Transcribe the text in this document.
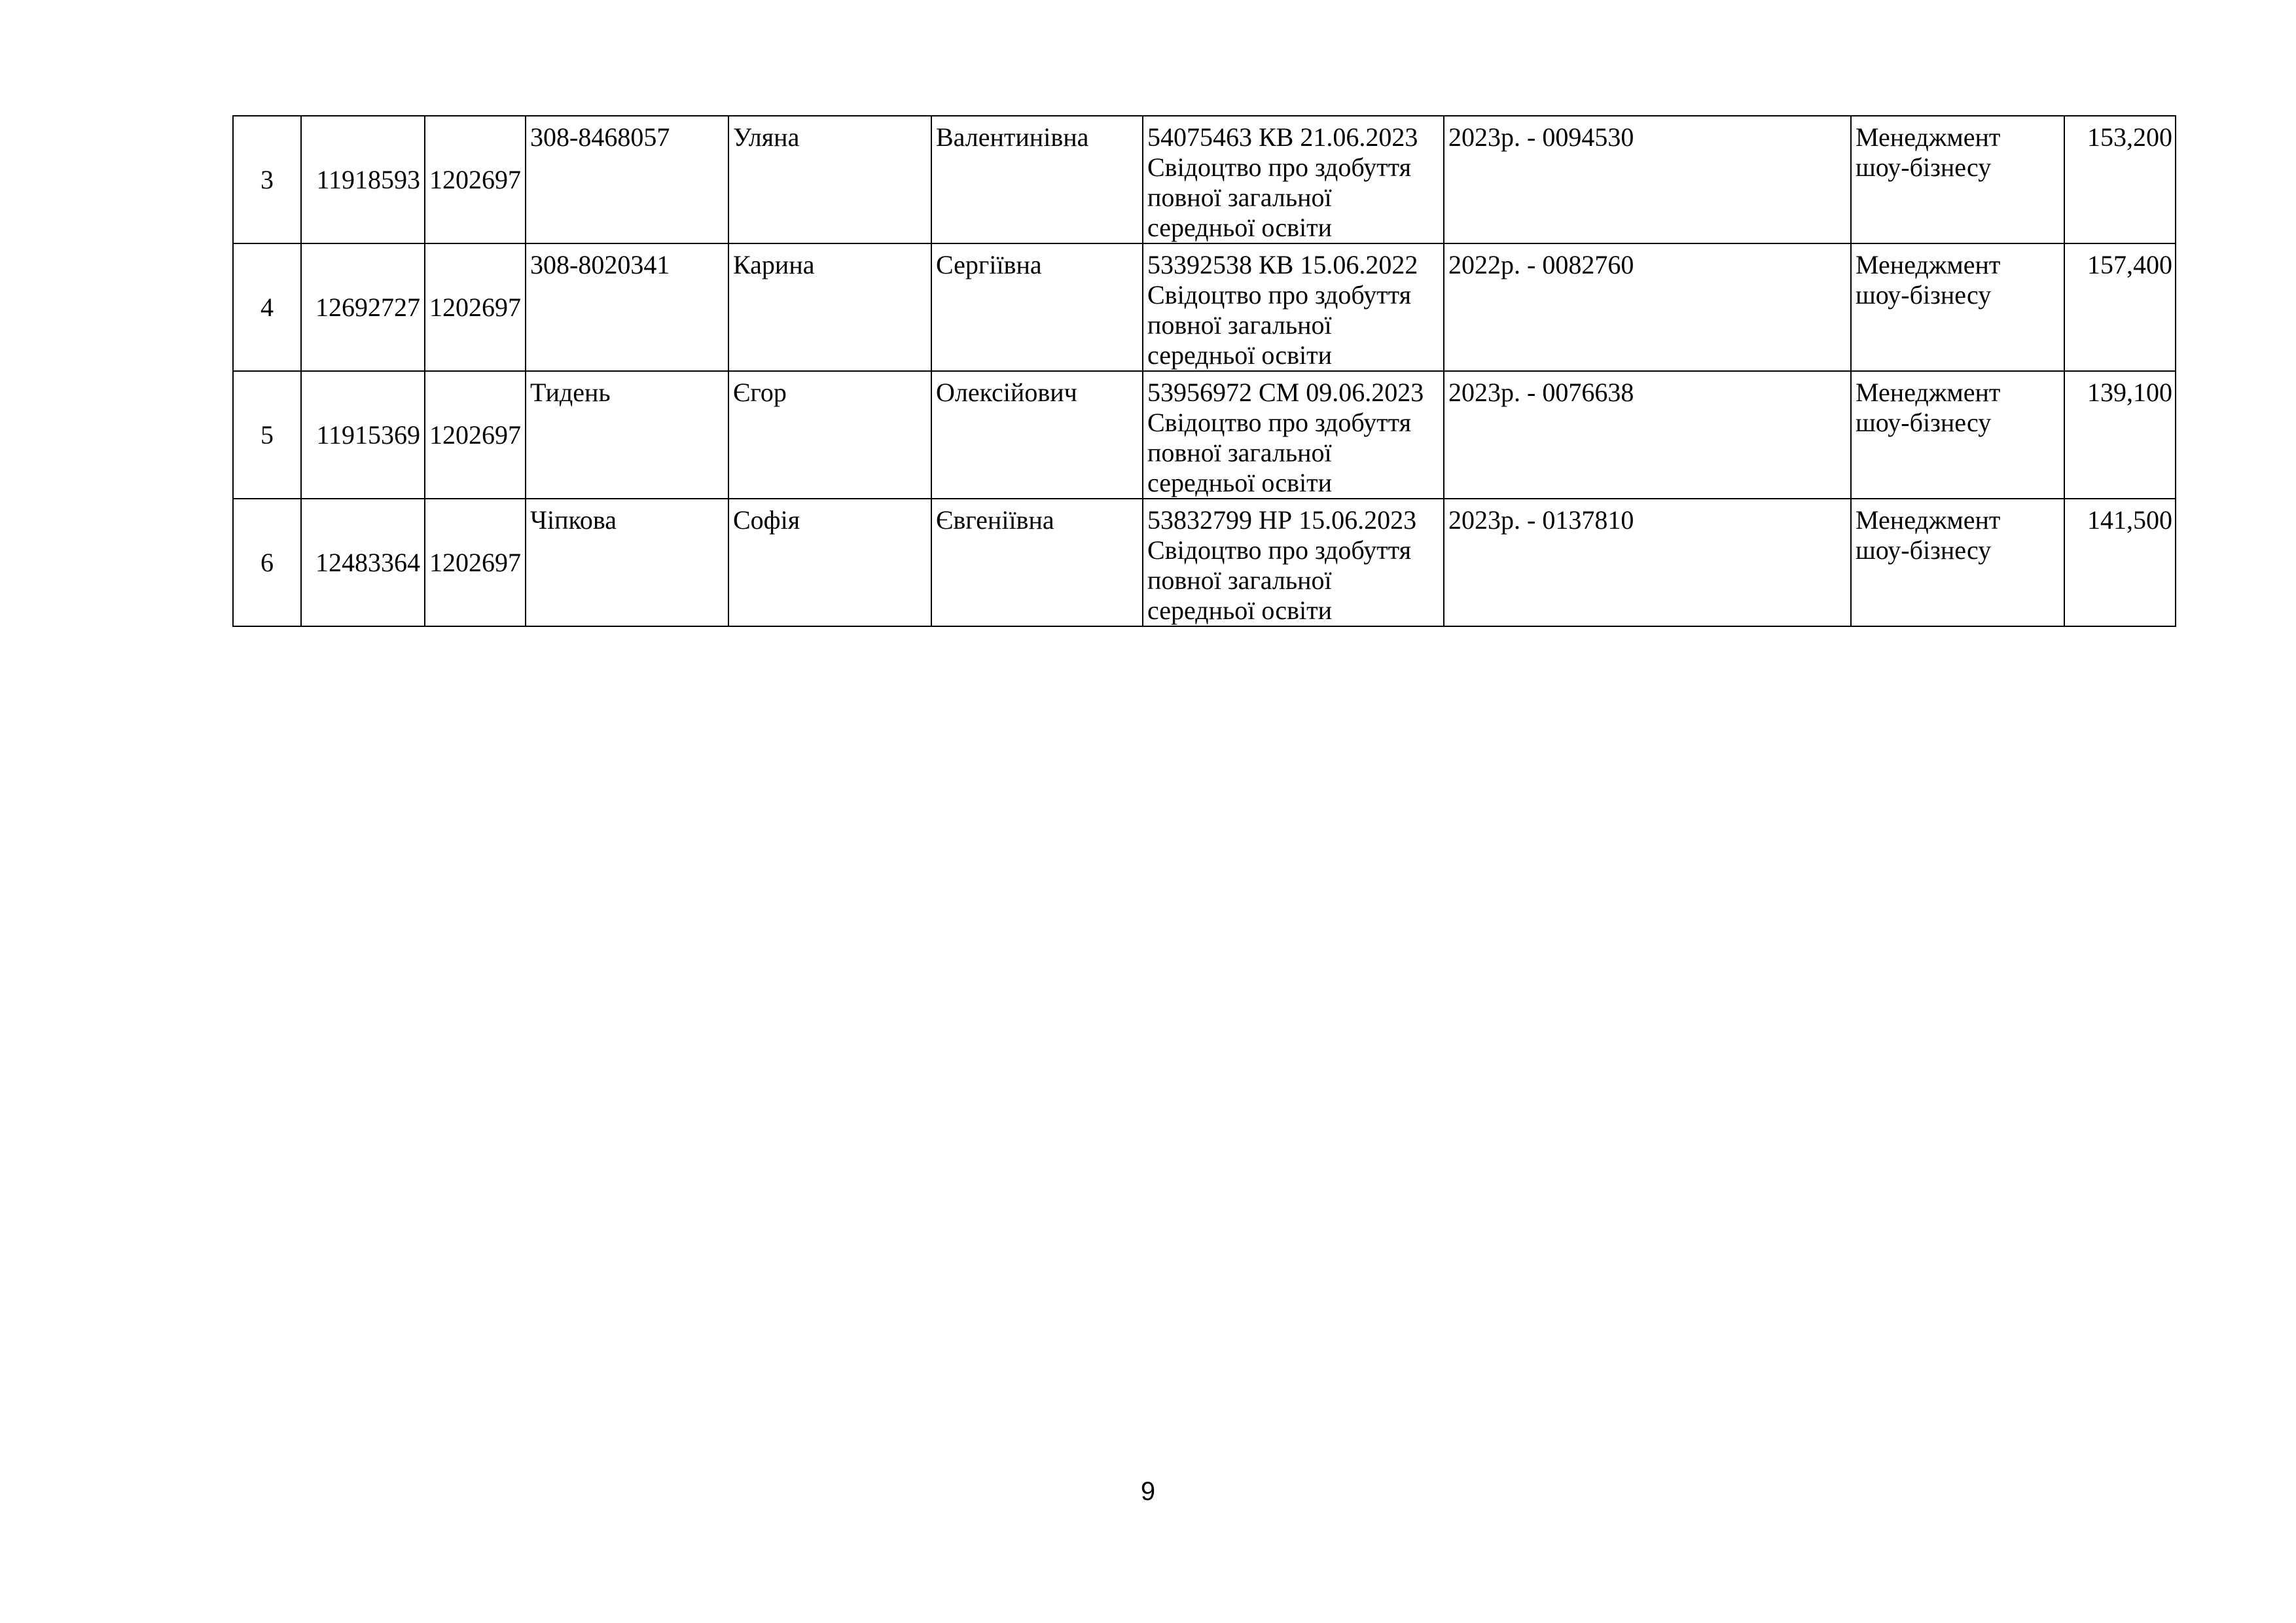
3	11918593	1202697	308-8468057	Уляна	Валентинівна	54075463 КВ 21.06.2023
Свідоцтво про здобуття
повної загальної
середньої освіти	2023р. - 0094530	Менеджмент
шоу-бізнесу	153,200
4	12692727	1202697	308-8020341	Карина	Сергіївна	53392538 КВ 15.06.2022
Свідоцтво про здобуття
повної загальної
середньої освіти	2022р. - 0082760	Менеджмент
шоу-бізнесу	157,400
5	11915369	1202697	Тидень	Єгор	Олексійович	53956972 СМ 09.06.2023
Свідоцтво про здобуття
повної загальної
середньої освіти	2023р. - 0076638	Менеджмент
шоу-бізнесу	139,100
6	12483364	1202697	Чіпкова	Софія	Євгеніївна	53832799 НР 15.06.2023
Свідоцтво про здобуття
повної загальної
середньої освіти	2023р. - 0137810	Менеджмент
шоу-бізнесу	141,500
9
